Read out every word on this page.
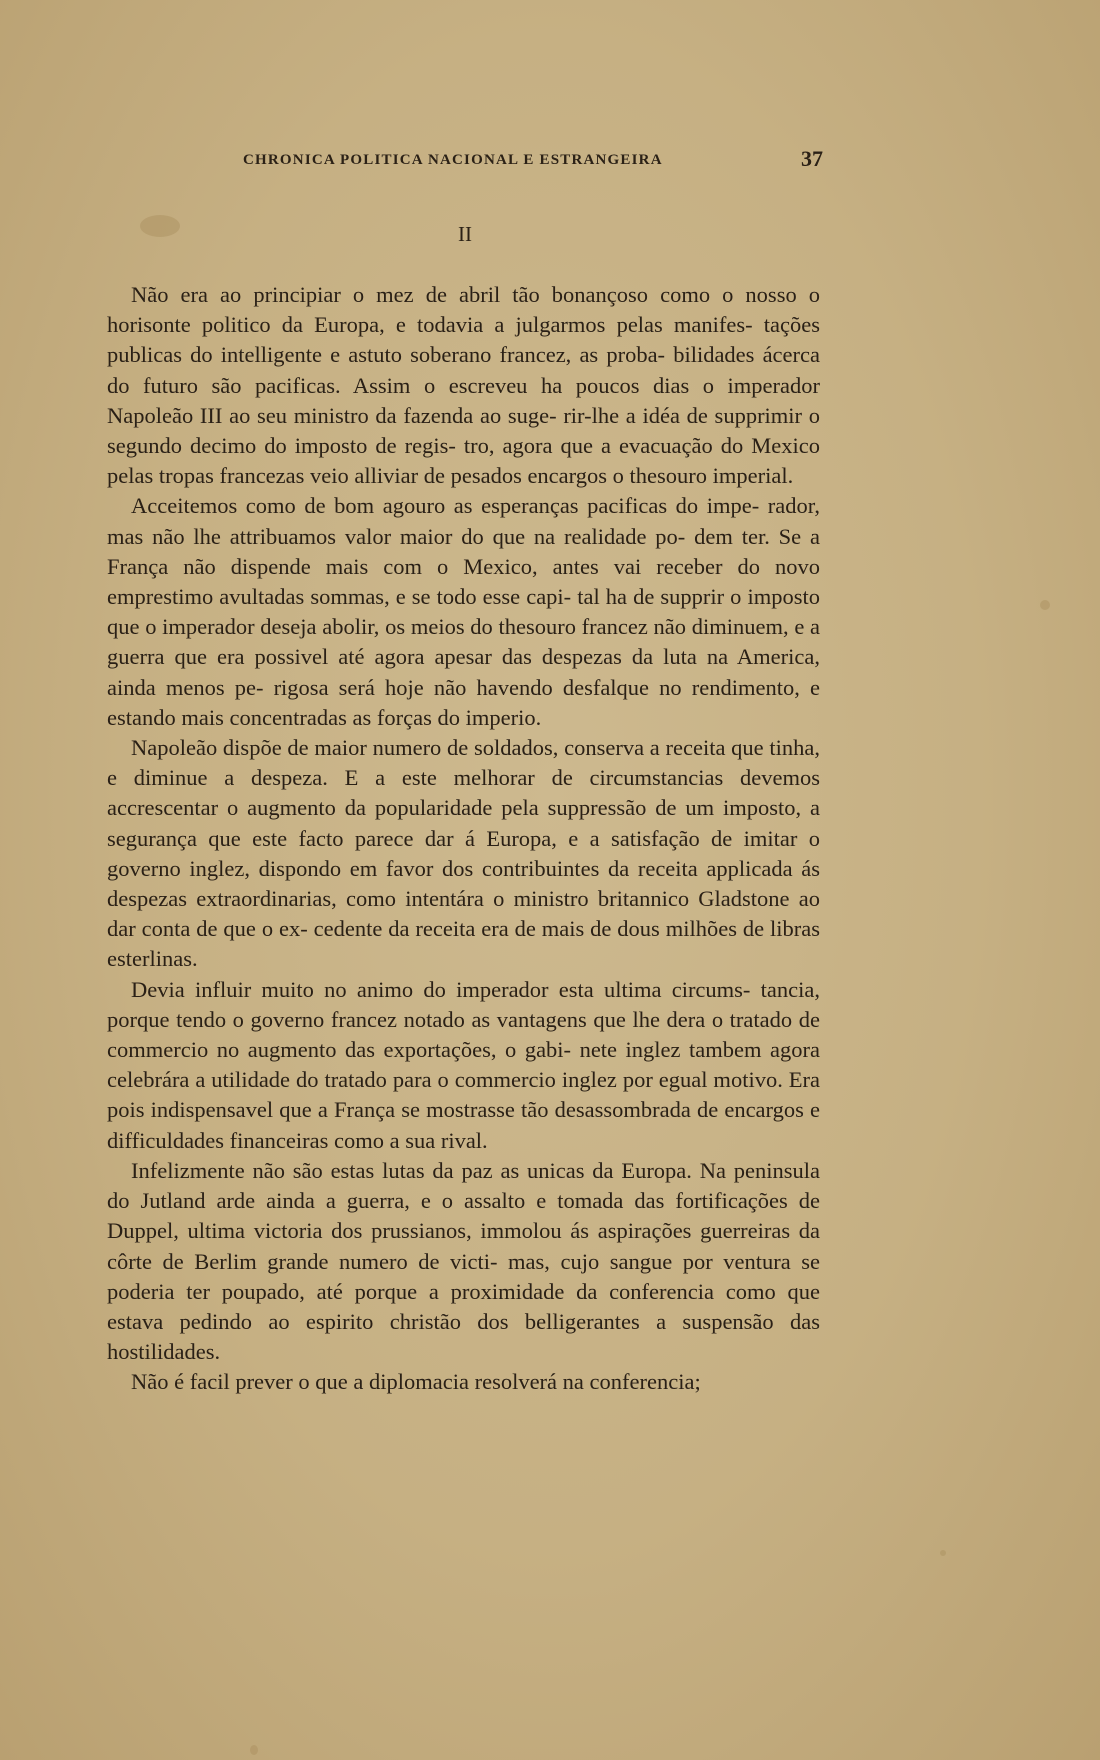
CHRONICA POLITICA NACIONAL E ESTRANGEIRA	37
II

Não era ao principiar o mez de abril tão bonançoso como o nosso o horisonte politico da Europa, e todavia a julgarmos pelas manifes- tações publicas do intelligente e astuto soberano francez, as proba- bilidades ácerca do futuro são pacificas. Assim o escreveu ha poucos dias o imperador Napoleão III ao seu ministro da fazenda ao suge- rir-lhe a idéa de supprimir o segundo decimo do imposto de regis- tro, agora que a evacuação do Mexico pelas tropas francezas veio alliviar de pesados encargos o thesouro imperial.

Acceitemos como de bom agouro as esperanças pacificas do impe- rador, mas não lhe attribuamos valor maior do que na realidade po- dem ter. Se a França não dispende mais com o Mexico, antes vai receber do novo emprestimo avultadas sommas, e se todo esse capi- tal ha de supprir o imposto que o imperador deseja abolir, os meios do thesouro francez não diminuem, e a guerra que era possivel até agora apesar das despezas da luta na America, ainda menos pe- rigosa será hoje não havendo desfalque no rendimento, e estando mais concentradas as forças do imperio.

Napoleão dispõe de maior numero de soldados, conserva a receita que tinha, e diminue a despeza. E a este melhorar de circumstancias devemos accrescentar o augmento da popularidade pela suppressão de um imposto, a segurança que este facto parece dar á Europa, e a satisfação de imitar o governo inglez, dispondo em favor dos contribuintes da receita applicada ás despezas extraordinarias, como intentára o ministro britannico Gladstone ao dar conta de que o ex- cedente da receita era de mais de dous milhões de libras esterlinas.

Devia influir muito no animo do imperador esta ultima circums- tancia, porque tendo o governo francez notado as vantagens que lhe dera o tratado de commercio no augmento das exportações, o gabi- nete inglez tambem agora celebrára a utilidade do tratado para o commercio inglez por egual motivo. Era pois indispensavel que a França se mostrasse tão desassombrada de encargos e difficuldades financeiras como a sua rival.

Infelizmente não são estas lutas da paz as unicas da Europa. Na peninsula do Jutland arde ainda a guerra, e o assalto e tomada das fortificações de Duppel, ultima victoria dos prussianos, immolou ás aspirações guerreiras da côrte de Berlim grande numero de victi- mas, cujo sangue por ventura se poderia ter poupado, até porque a proximidade da conferencia como que estava pedindo ao espirito christão dos belligerantes a suspensão das hostilidades.

Não é facil prever o que a diplomacia resolverá na conferencia;
